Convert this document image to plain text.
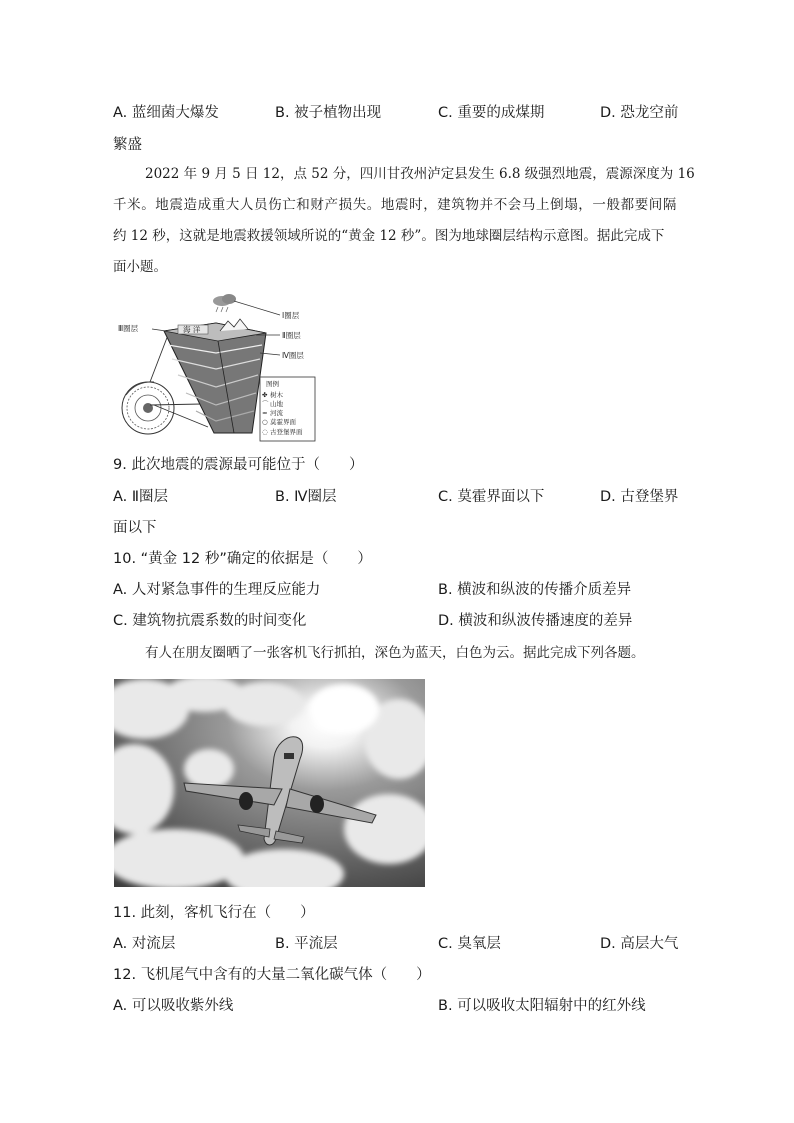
A. 蓝细菌大爆发	B. 被子植物出现	C. 重要的成煤期	D. 恐龙空前
繁盛
2022 年 9 月 5 日 12，点 52 分，四川甘孜州泸定县发生 6.8 级强烈地震，震源深度为 16
千米。地震造成重大人员伤亡和财产损失。地震时，建筑物并不会马上倒塌，一般都要间隔
约 12 秒，这就是地震救援领域所说的“黄金 12 秒”。图为地球圈层结构示意图。据此完成下
面小题。
Ⅰ圈层
Ⅱ圈层
Ⅳ圈层
Ⅲ圈层	海 洋
图例
✤ 树木
⌒ 山地
≈ 河流
○ 莫霍界面
◌ 古登堡界面
9. 此次地震的震源最可能位于（　　）
A. Ⅱ圈层	B. Ⅳ圈层	C. 莫霍界面以下	D. 古登堡界
面以下
10. “黄金 12 秒”确定的依据是（　　）
A. 人对紧急事件的生理反应能力	B. 横波和纵波的传播介质差异
C. 建筑物抗震系数的时间变化	D. 横波和纵波传播速度的差异
有人在朋友圈晒了一张客机飞行抓拍，深色为蓝天，白色为云。据此完成下列各题。
11. 此刻，客机飞行在（　　）
A. 对流层	B. 平流层	C. 臭氧层	D. 高层大气
12. 飞机尾气中含有的大量二氧化碳气体（　　）
A. 可以吸收紫外线	B. 可以吸收太阳辐射中的红外线
